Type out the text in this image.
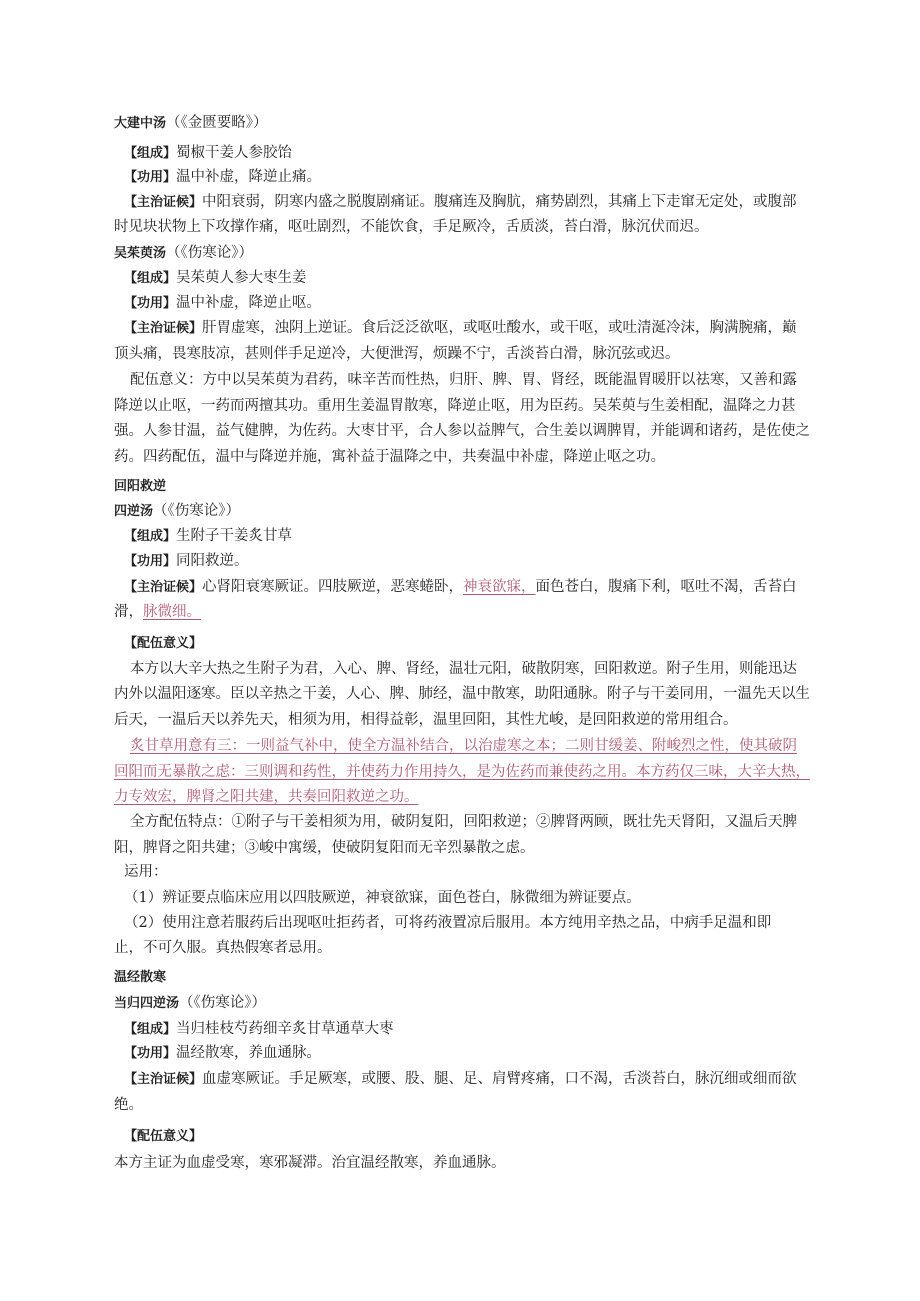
大建中汤（《金匮要略》）
【组成】蜀椒干姜人参胶饴
【功用】温中补虚，降逆止痛。
【主治证候】中阳衰弱，阴寒内盛之脱腹剧痛证。腹痛连及胸肮，痛势剧烈，其痛上下走窜无定处，或腹部
时见块状物上下攻撑作痛，呕吐剧烈，不能饮食，手足厥冷，舌质淡，苔白滑，脉沉伏而迟。
吴茱萸汤（《伤寒论》）
【组成】吴茱萸人参大枣生姜
【功用】温中补虚，降逆止呕。
【主治证候】肝胃虚寒，浊阴上逆证。食后泛泛欲呕，或呕吐酸水，或干呕，或吐清涎冷沫，胸满腕痛，巅
顶头痛，畏寒肢凉，甚则伴手足逆冷，大便泄泻，烦躁不宁，舌淡苔白滑，脉沉弦或迟。
配伍意义：方中以吴茱萸为君药，味辛苦而性热，归肝、脾、胃、肾经，既能温胃暖肝以祛寒，又善和露
降逆以止呕，一药而两擅其功。重用生姜温胃散寒，降逆止呕，用为臣药。吴茱萸与生姜相配，温降之力甚
强。人参甘温，益气健脾，为佐药。大枣甘平，合人参以益脾气，合生姜以调脾胃，并能调和诸药，是佐使之
药。四药配伍，温中与降逆并施，寓补益于温降之中，共奏温中补虚，降逆止呕之功。
回阳救逆
四逆汤（《伤寒论》）
【组成】生附子干姜炙甘草
【功用】同阳救逆。
【主治证候】心肾阳衰寒厥证。四肢厥逆，恶寒蜷卧，神衰欲寐，面色苍白，腹痛下利，呕吐不渴，舌苔白
滑，脉微细。
【配伍意义】
本方以大辛大热之生附子为君，入心、脾、肾经，温壮元阳，破散阴寒，回阳救逆。附子生用，则能迅达
内外以温阳逐寒。臣以辛热之干姜，人心、脾、肺经，温中散寒，助阳通脉。附子与干姜同用，一温先天以生
后天，一温后天以养先天，相须为用，相得益彰，温里回阳，其性尤峻，是回阳救逆的常用组合。
炙甘草用意有三：一则益气补中，使全方温补结合，以治虚寒之本；二则甘缓姜、附峻烈之性，使其破阴
回阳而无暴散之虑：三则调和药性，并使药力作用持久，是为佐药而兼使药之用。本方药仅三味，大辛大热，
力专效宏，脾肾之阳共建，共奏回阳救逆之功。
全方配伍特点：①附子与干姜相须为用，破阴复阳，回阳救逆；②脾肾两顾，既壮先天肾阳，又温后天脾
阳，脾肾之阳共建；③峻中寓缓，使破阴复阳而无辛烈暴散之虑。
运用：
（1）辨证要点临床应用以四肢厥逆，神衰欲寐，面色苍白，脉微细为辨证要点。
（2）使用注意若服药后出现呕吐拒药者，可将药液置凉后服用。本方纯用辛热之品，中病手足温和即
止，不可久服。真热假寒者忌用。
温经散寒
当归四逆汤（《伤寒论》）
【组成】当归桂枝芍药细辛炙甘草通草大枣
【功用】温经散寒，养血通脉。
【主治证候】血虚寒厥证。手足厥寒，或腰、股、腿、足、肩臂疼痛，口不渴，舌淡苔白，脉沉细或细而欲
绝。
【配伍意义】
本方主证为血虚受寒，寒邪凝滞。治宜温经散寒，养血通脉。
